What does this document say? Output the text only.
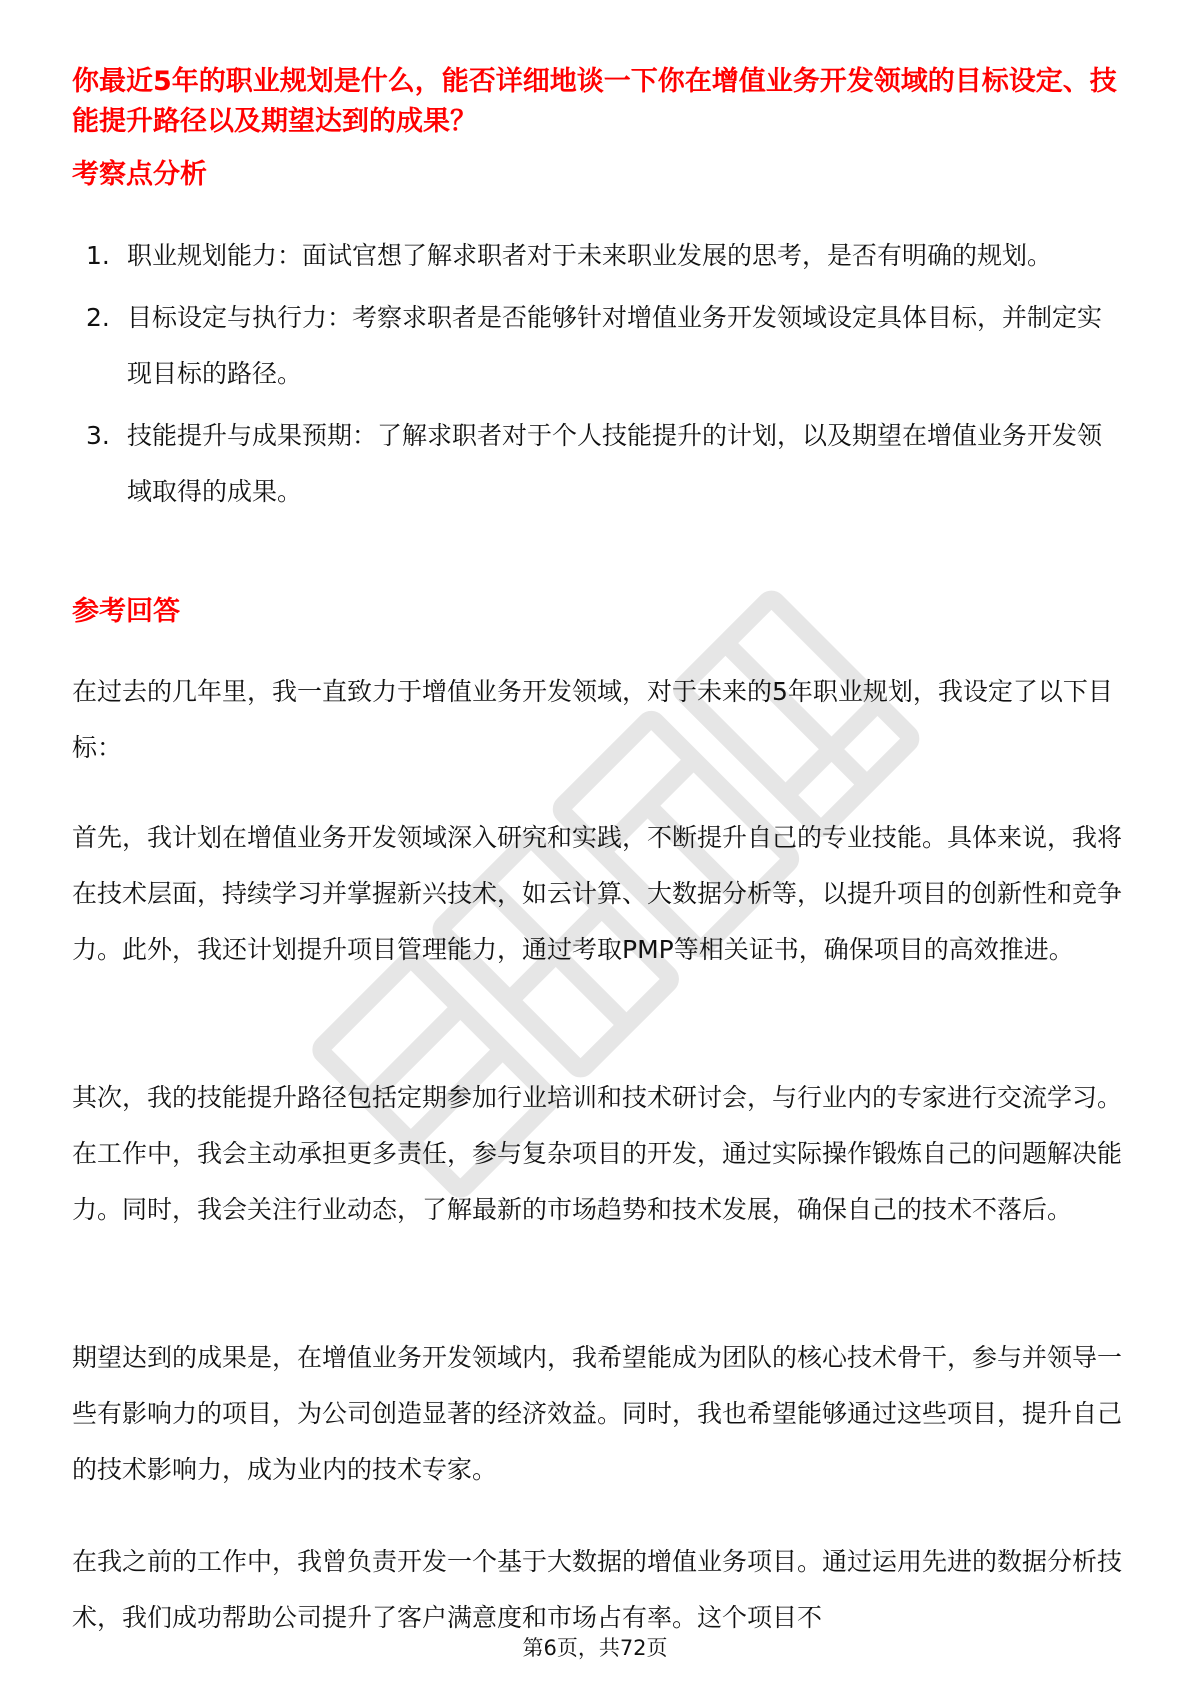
你最近5年的职业规划是什么，能否详细地谈一下你在增值业务开发领域的目标设定、技能提升路径以及期望达到的成果？
考察点分析
1. 职业规划能力：面试官想了解求职者对于未来职业发展的思考，是否有明确的规划。
2. 目标设定与执行力：考察求职者是否能够针对增值业务开发领域设定具体目标，并制定实现目标的路径。
3. 技能提升与成果预期：了解求职者对于个人技能提升的计划，以及期望在增值业务开发领域取得的成果。
参考回答

在过去的几年里，我一直致力于增值业务开发领域，对于未来的5年职业规划，我设定了以下目标：

首先，我计划在增值业务开发领域深入研究和实践，不断提升自己的专业技能。具体来说，我将在技术层面，持续学习并掌握新兴技术，如云计算、大数据分析等，以提升项目的创新性和竞争力。此外，我还计划提升项目管理能力，通过考取PMP等相关证书，确保项目的高效推进。

其次，我的技能提升路径包括定期参加行业培训和技术研讨会，与行业内的专家进行交流学习。在工作中，我会主动承担更多责任，参与复杂项目的开发，通过实际操作锻炼自己的问题解决能力。同时，我会关注行业动态，了解最新的市场趋势和技术发展，确保自己的技术不落后。

期望达到的成果是，在增值业务开发领域内，我希望能成为团队的核心技术骨干，参与并领导一些有影响力的项目，为公司创造显著的经济效益。同时，我也希望能够通过这些项目，提升自己的技术影响力，成为业内的技术专家。

在我之前的工作中，我曾负责开发一个基于大数据的增值业务项目。通过运用先进的数据分析技术，我们成功帮助公司提升了客户满意度和市场占有率。这个项目不

第6页，共72页
